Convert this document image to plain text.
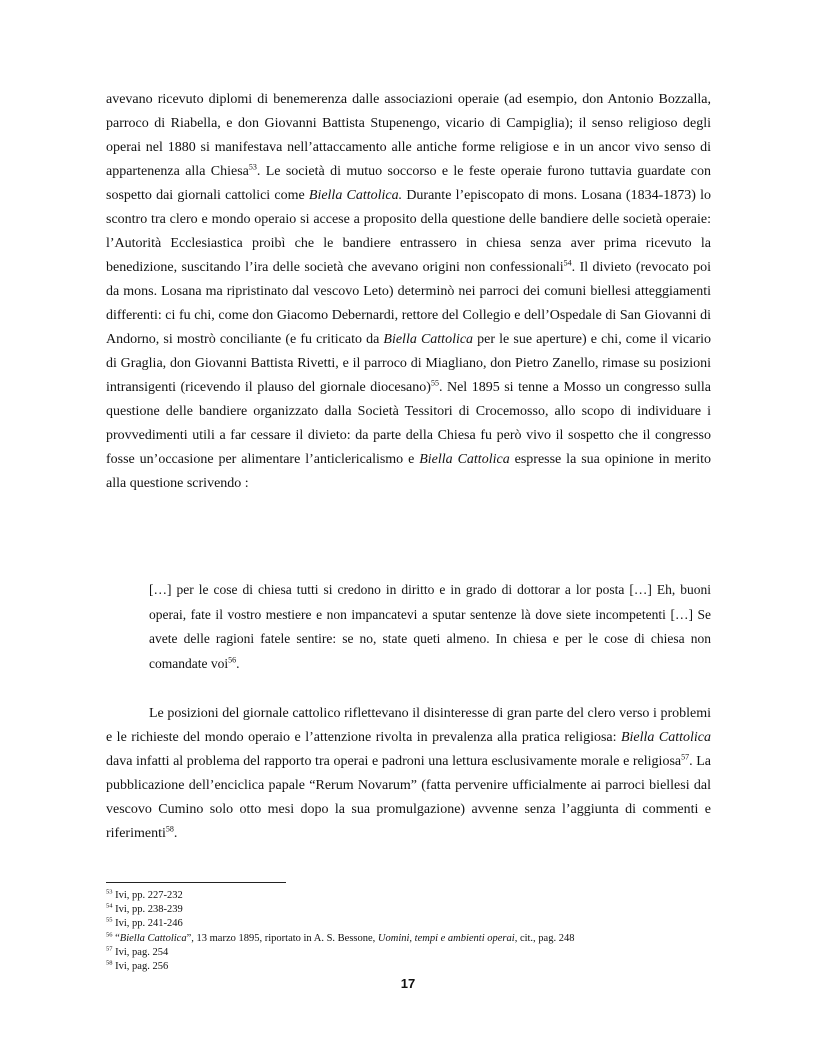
avevano ricevuto diplomi di benemerenza dalle associazioni operaie (ad esempio, don Antonio Bozzalla, parroco di Riabella, e don Giovanni Battista Stupenengo, vicario di Campiglia); il senso religioso degli operai nel 1880 si manifestava nell’attaccamento alle antiche forme religiose e in un ancor vivo senso di appartenenza alla Chiesa$^{53}$. Le società di mutuo soccorso e le feste operaie furono tuttavia guardate con sospetto dai giornali cattolici come Biella Cattolica. Durante l’episcopato di mons. Losana (1834-1873) lo scontro tra clero e mondo operaio si accese a proposito della questione delle bandiere delle società operaie: l’Autorità Ecclesiastica proibì che le bandiere entrassero in chiesa senza aver prima ricevuto la benedizione, suscitando l’ira delle società che avevano origini non confessionali$^{54}$. Il divieto (revocato poi da mons. Losana ma ripristinato dal vescovo Leto) determinò nei parroci dei comuni biellesi atteggiamenti differenti: ci fu chi, come don Giacomo Debernardi, rettore del Collegio e dell’Ospedale di San Giovanni di Andorno, si mostrò conciliante (e fu criticato da Biella Cattolica per le sue aperture) e chi, come il vicario di Graglia, don Giovanni Battista Rivetti, e il parroco di Miagliano, don Pietro Zanello, rimase su posizioni intransigenti (ricevendo il plauso del giornale diocesano)$^{55}$. Nel 1895 si tenne a Mosso un congresso sulla questione delle bandiere organizzato dalla Società Tessitori di Crocemosso, allo scopo di individuare i provvedimenti utili a far cessare il divieto: da parte della Chiesa fu però vivo il sospetto che il congresso fosse un’occasione per alimentare l’anticlericalismo e Biella Cattolica espresse la sua opinione in merito alla questione scrivendo :

[…] per le cose di chiesa tutti si credono in diritto e in grado di dottorar a lor posta […] Eh, buoni operai, fate il vostro mestiere e non impancatevi a sputar sentenze là dove siete incompetenti […] Se avete delle ragioni fatele sentire: se no, state queti almeno. In chiesa e per le cose di chiesa non comandate voi$^{56}$.

Le posizioni del giornale cattolico riflettevano il disinteresse di gran parte del clero verso i problemi e le richieste del mondo operaio e l’attenzione rivolta in prevalenza alla pratica religiosa: Biella Cattolica dava infatti al problema del rapporto tra operai e padroni una lettura esclusivamente morale e religiosa$^{57}$. La pubblicazione dell’enciclica papale “Rerum Novarum” (fatta pervenire ufficialmente ai parroci biellesi dal vescovo Cumino solo otto mesi dopo la sua promulgazione) avvenne senza l’aggiunta di commenti e riferimenti$^{58}$.

$^{53}$ Ivi, pp. 227-232
$^{54}$ Ivi, pp. 238-239
$^{55}$ Ivi, pp. 241-246
$^{56}$ “Biella Cattolica”, 13 marzo 1895, riportato in A. S. Bessone, Uomini, tempi e ambienti operai, cit., pag. 248
$^{57}$ Ivi, pag. 254
$^{58}$ Ivi, pag. 256
17
